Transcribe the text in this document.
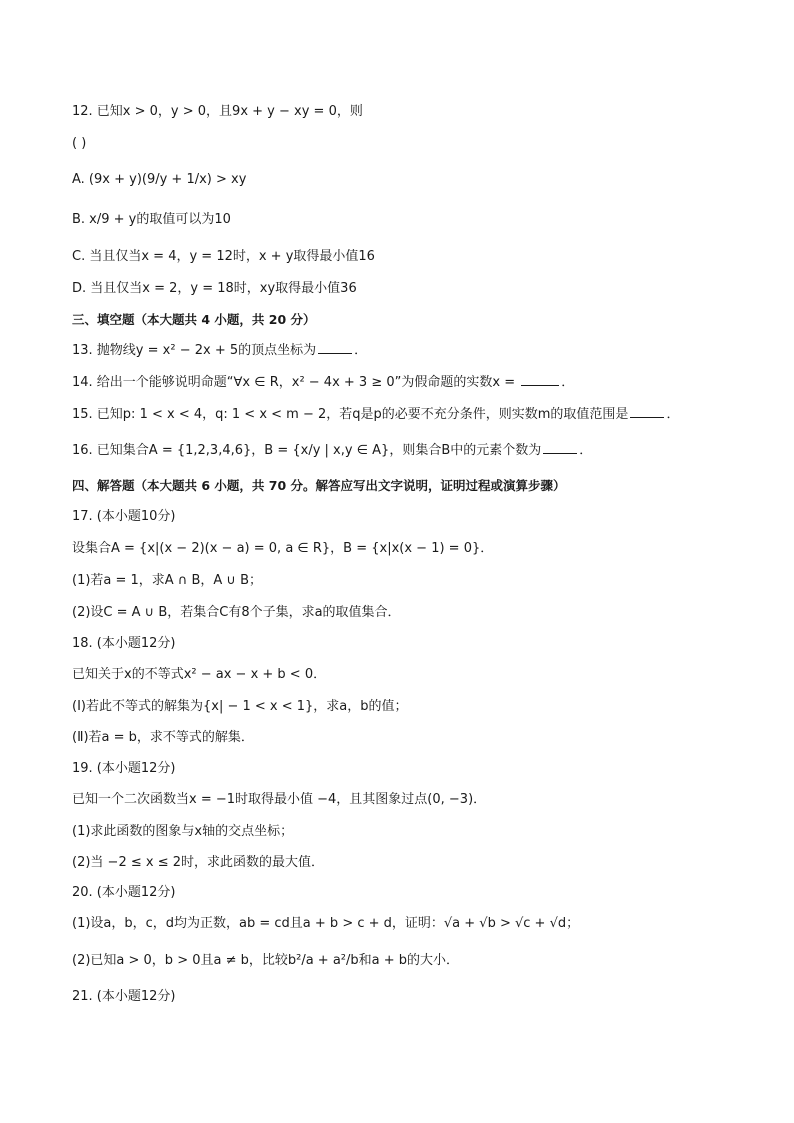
12. 已知x > 0，y > 0，且9x + y − xy = 0，则
( )
A. (9x + y)(9/y + 1/x) > xy
B. x/9 + y的取值可以为10
C. 当且仅当x = 4，y = 12时，x + y取得最小值16
D. 当且仅当x = 2，y = 18时，xy取得最小值36
三、填空题（本大题共 4 小题，共 20 分）
13. 抛物线y = x² − 2x + 5的顶点坐标为	．
14. 给出一个能够说明命题“∀x ∈ R，x² − 4x + 3 ≥ 0”为假命题的实数x =	．
15. 已知p: 1 < x < 4，q: 1 < x < m − 2，若q是p的必要不充分条件，则实数m的取值范围是	．
16. 已知集合A = {1,2,3,4,6}，B = {x/y | x,y ∈ A}，则集合B中的元素个数为	．
四、解答题（本大题共 6 小题，共 70 分。解答应写出文字说明，证明过程或演算步骤）
17. (本小题10分)
设集合A = {x|(x − 2)(x − a) = 0, a ∈ R}，B = {x|x(x − 1) = 0}．
(1)若a = 1，求A ∩ B，A ∪ B；
(2)设C = A ∪ B，若集合C有8个子集，求a的取值集合．
18. (本小题12分)
已知关于x的不等式x² − ax − x + b < 0．
(Ⅰ)若此不等式的解集为{x| − 1 < x < 1}，求a，b的值；
(Ⅱ)若a = b，求不等式的解集．
19. (本小题12分)
已知一个二次函数当x = −1时取得最小值 −4，且其图象过点(0, −3)．
(1)求此函数的图象与x轴的交点坐标；
(2)当 −2 ≤ x ≤ 2时，求此函数的最大值．
20. (本小题12分)
(1)设a，b，c，d均为正数，ab = cd且a + b > c + d，证明：√a + √b > √c + √d；
(2)已知a > 0，b > 0且a ≠ b，比较b²/a + a²/b和a + b的大小．
21. (本小题12分)
